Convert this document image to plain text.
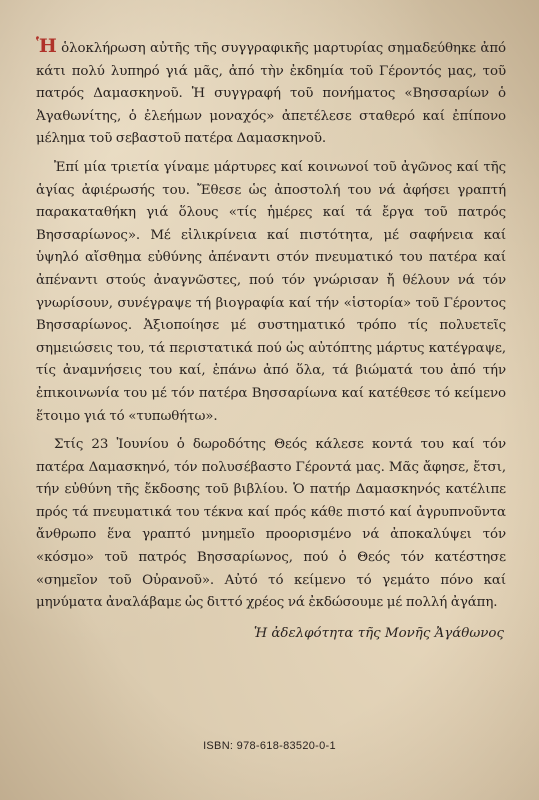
Ἡ ὁλοκλήρωση αὐτῆς τῆς συγγραφικῆς μαρτυρίας σημαδεύθηκε ἀπό κάτι πολύ λυπηρό γιά μᾶς, ἀπό τὴν ἐκδημία τοῦ Γέροντός μας, τοῦ πατρός Δαμασκηνοῦ. Ἡ συγγραφή τοῦ πονήματος «Βησσαρίων ὁ Ἀγαθωνίτης, ὁ ἐλεήμων μοναχός» ἀπετέλεσε σταθερό καί ἐπίπονο μέλημα τοῦ σεβαστοῦ πατέρα Δαμασκηνοῦ.

Ἐπί μία τριετία γίναμε μάρτυρες καί κοινωνοί τοῦ ἀγῶνος καί τῆς ἁγίας ἀφιέρωσής του. Ἔθεσε ὡς ἀποστολή του νά ἀφήσει γραπτή παρακαταθήκη γιά ὅλους «τίς ἡμέρες καί τά ἔργα τοῦ πατρός Βησσαρίωνος». Μέ εἰλικρίνεια καί πιστότητα, μέ σαφήνεια καί ὑψηλό αἴσθημα εὐθύνης ἀπέναντι στόν πνευματικό του πατέρα καί ἀπέναντι στούς ἀναγνῶστες, πού τόν γνώρισαν ἤ θέλουν νά τόν γνωρίσουν, συνέγραψε τή βιογραφία καί τήν «ἱστορία» τοῦ Γέροντος Βησσαρίωνος. Ἀξιοποίησε μέ συστηματικό τρόπο τίς πολυετεῖς σημειώσεις του, τά περιστατικά πού ὡς αὐτόπτης μάρτυς κατέγραψε, τίς ἀναμνήσεις του καί, ἐπάνω ἀπό ὅλα, τά βιώματά του ἀπό τήν ἐπικοινωνία του μέ τόν πατέρα Βησσαρίωνα καί κατέθεσε τό κείμενο ἕτοιμο γιά τό «τυπωθήτω».

Στίς 23 Ἰουνίου ὁ δωροδότης Θεός κάλεσε κοντά του καί τόν πατέρα Δαμασκηνό, τόν πολυσέβαστο Γέροντά μας. Μᾶς ἄφησε, ἔτσι, τήν εὐθύνη τῆς ἔκδοσης τοῦ βιβλίου. Ὁ πατήρ Δαμασκηνός κατέλιπε πρός τά πνευματικά του τέκνα καί πρός κάθε πιστό καί ἀγρυπνοῦντα ἄνθρωπο ἕνα γραπτό μνημεῖο προορισμένο νά ἀποκαλύψει τόν «κόσμο» τοῦ πατρός Βησσαρίωνος, πού ὁ Θεός τόν κατέστησε «σημεῖον τοῦ Οὐρανοῦ». Αὐτό τό κείμενο τό γεμάτο πόνο καί μηνύματα ἀναλάβαμε ὡς διττό χρέος νά ἐκδώσουμε μέ πολλή ἀγάπη.

Ἡ ἀδελφότητα τῆς Μονῆς Ἀγάθωνος
ISBN: 978-618-83520-0-1
